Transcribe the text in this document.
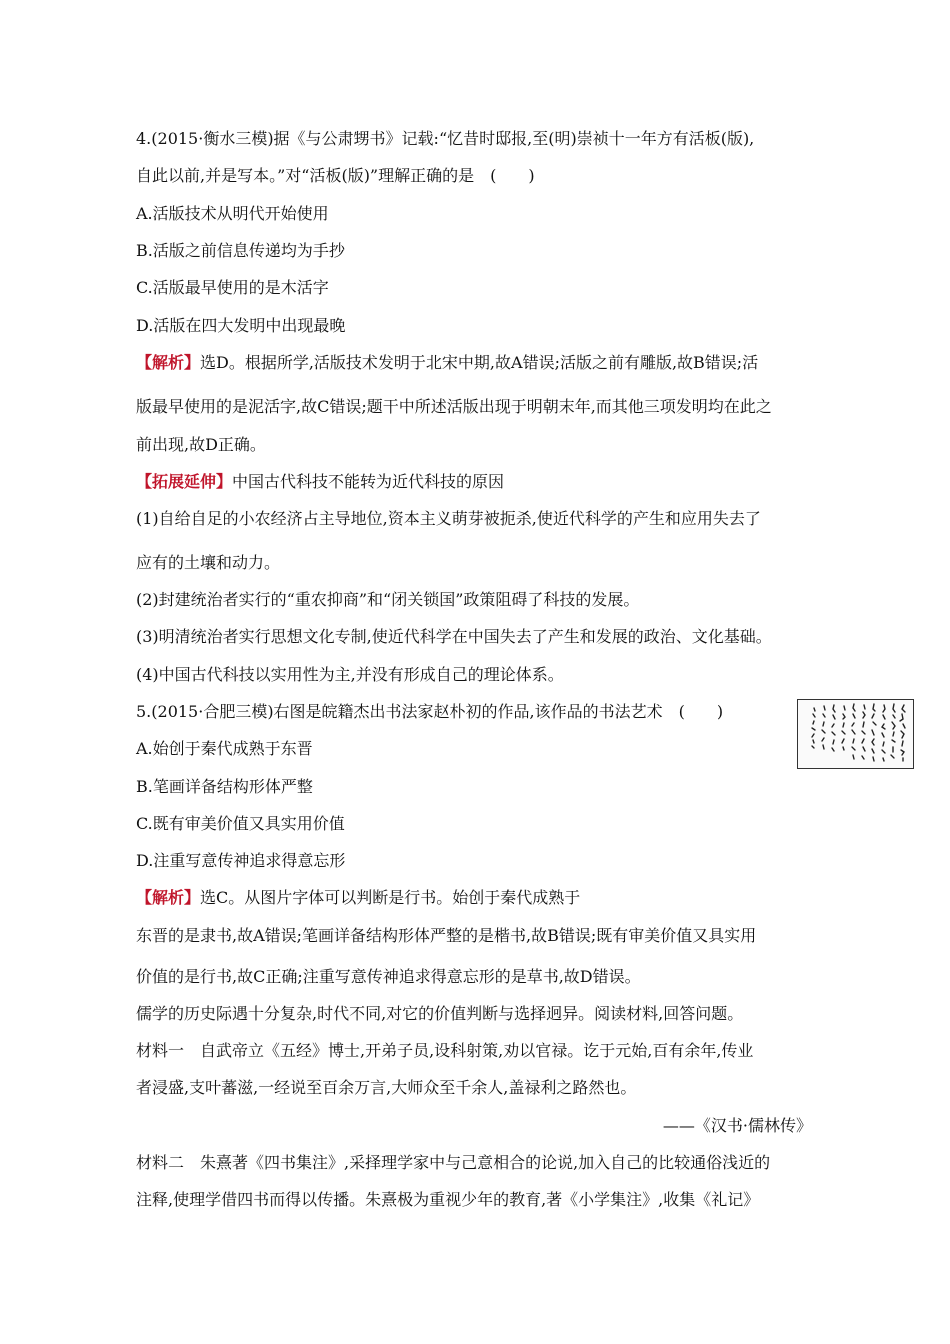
4.(2015·衡水三模)据《与公肃甥书》记载:“忆昔时邸报,至(明)崇祯十一年方有活板(版),
自此以前,并是写本。”对“活板(版)”理解正确的是　(　　)
A.活版技术从明代开始使用
B.活版之前信息传递均为手抄
C.活版最早使用的是木活字
D.活版在四大发明中出现最晚
【解析】选D。根据所学,活版技术发明于北宋中期,故A错误;活版之前有雕版,故B错误;活
版最早使用的是泥活字,故C错误;题干中所述活版出现于明朝末年,而其他三项发明均在此之
前出现,故D正确。
【拓展延伸】中国古代科技不能转为近代科技的原因
(1)自给自足的小农经济占主导地位,资本主义萌芽被扼杀,使近代科学的产生和应用失去了
应有的土壤和动力。
(2)封建统治者实行的“重农抑商”和“闭关锁国”政策阻碍了科技的发展。
(3)明清统治者实行思想文化专制,使近代科学在中国失去了产生和发展的政治、文化基础。
(4)中国古代科技以实用性为主,并没有形成自己的理论体系。
5.(2015·合肥三模)右图是皖籍杰出书法家赵朴初的作品,该作品的书法艺术　(　　)
A.始创于秦代成熟于东晋
B.笔画详备结构形体严整
C.既有审美价值又具实用价值
D.注重写意传神追求得意忘形
【解析】选C。从图片字体可以判断是行书。始创于秦代成熟于
东晋的是隶书,故A错误;笔画详备结构形体严整的是楷书,故B错误;既有审美价值又具实用
价值的是行书,故C正确;注重写意传神追求得意忘形的是草书,故D错误。
儒学的历史际遇十分复杂,时代不同,对它的价值判断与选择迥异。阅读材料,回答问题。
材料一　自武帝立《五经》博士,开弟子员,设科射策,劝以官禄。讫于元始,百有余年,传业
者浸盛,支叶蕃滋,一经说至百余万言,大师众至千余人,盖禄利之路然也。
——《汉书·儒林传》
材料二　朱熹著《四书集注》,采择理学家中与己意相合的论说,加入自己的比较通俗浅近的
注释,使理学借四书而得以传播。朱熹极为重视少年的教育,著《小学集注》,收集《礼记》
